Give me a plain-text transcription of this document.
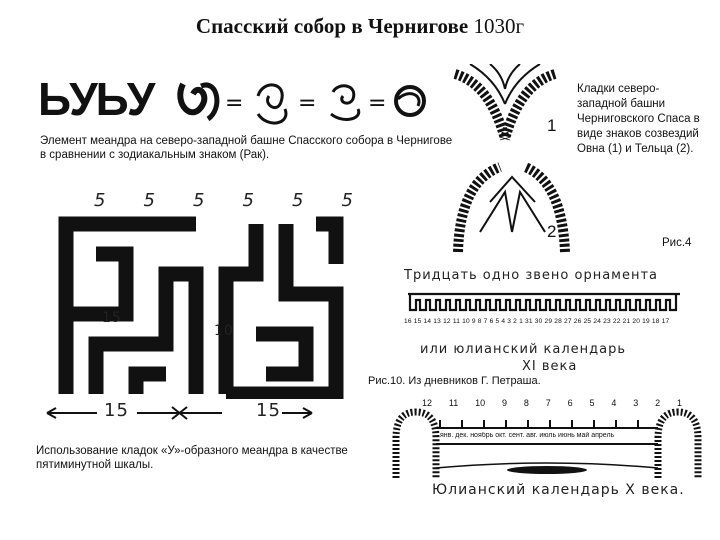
Спасский собор в Чернигове 1030г
ЬУЬУ	= = =
Элемент меандра на северо-западной башне Спасского собора в Чернигове в сравнении с зодиакальным знаком (Рак).
1
2
Кладки северо-западной башни Черниговского Спаса в виде знаков созвездий Овна (1) и Тельца (2).
Рис.4
5 5 5 5 5 5
15
10
15	15
Использование кладок «У»-образного меандра в качестве пятиминутной шкалы.
Тридцать одно звено орнамента
16 15 14 13 12 11 10 9 8 7 6 5 4 3 2 1 31 30 29 28 27 26 25 24 23 22 21 20 19 18 17
или юлианский календарь
XI века
Рис.10. Из дневников Г. Петраша.
12 11 10 9 8 7 6 5 4 3 2 1
янв. дек. ноябрь окт. сент. авг. июль июнь май апрель
Юлианский календарь X века.
